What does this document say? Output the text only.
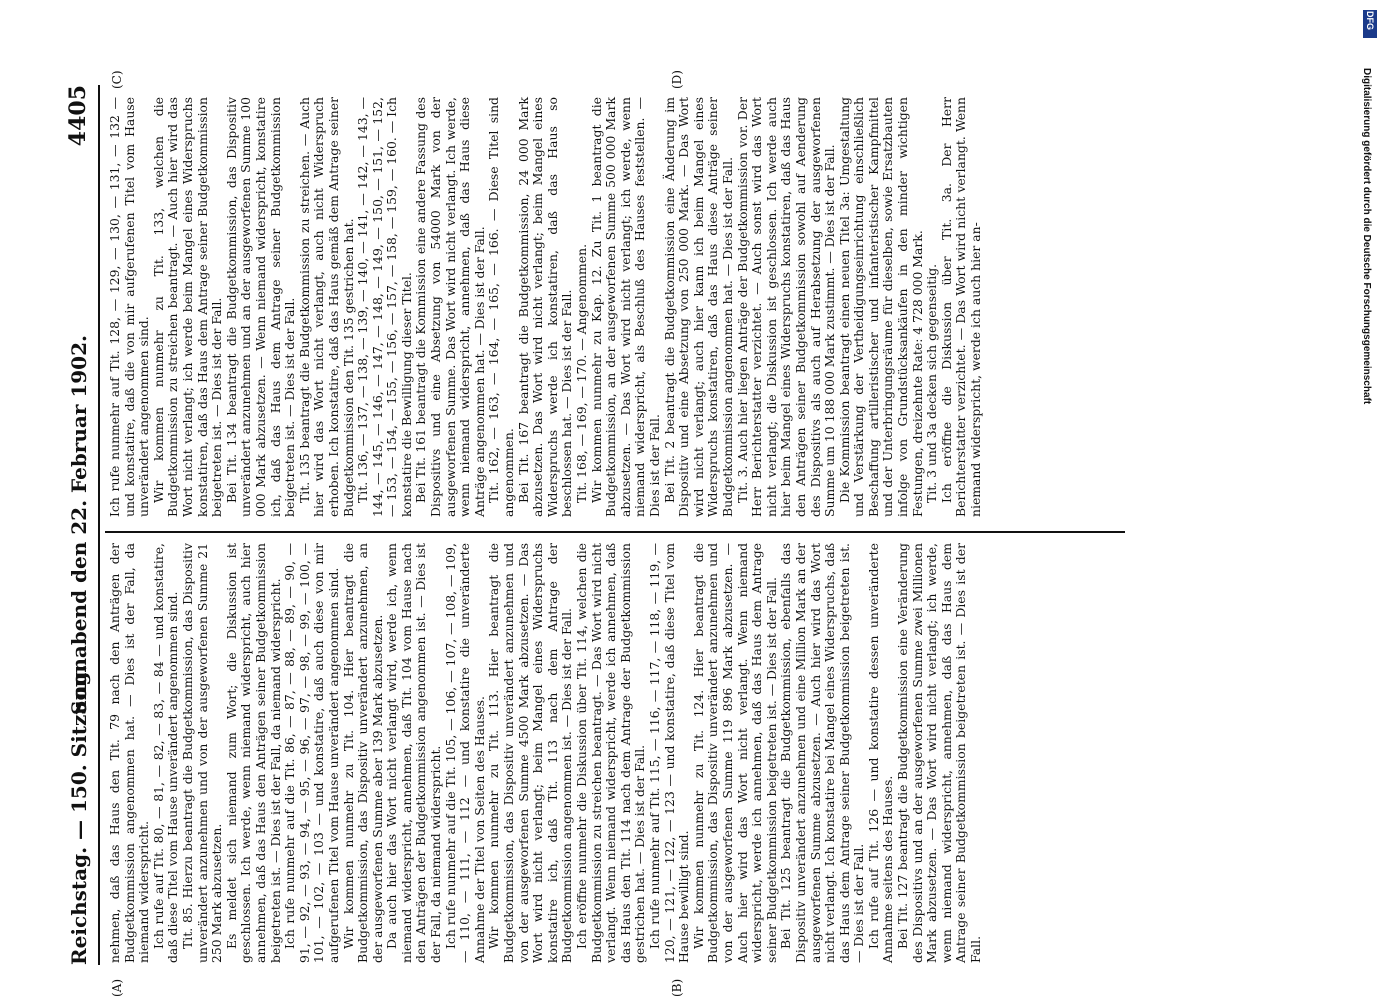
Reichstag. — 150. Sitzung.
Sonnabend den 22. Februar 1902.
4405
(A)	(B)
(C)	(D)

nehmen, daß das Haus den Tit. 79 nach den Anträgen der Budgetkommission angenommen hat. — Dies ist der Fall, da niemand widerspricht. Ich rufe auf Tit. 80, — 81, — 82, — 83, — 84 — und konstatire, daß diese Titel vom Hause unverändert angenommen sind. Tit. 85. Hierzu beantragt die Budgetkommission, das Dispositiv unverändert anzunehmen und von der ausgeworfenen Summe 21 250 Mark abzusetzen. Es meldet sich niemand zum Wort; die Diskussion ist geschlossen. Ich werde, wenn niemand widerspricht, auch hier annehmen, daß das Haus den Anträgen seiner Budgetkommission beigetreten ist. — Dies ist der Fall, da niemand widerspricht. Ich rufe nunmehr auf die Tit. 86, — 87, — 88, — 89, — 90, — 91, — 92, — 93, — 94, — 95, — 96, — 97, — 98, — 99, — 100, — 101, — 102, — 103 — und konstatire, daß auch diese von mir aufgerufenen Titel vom Hause unverändert angenommen sind. Wir kommen nunmehr zu Tit. 104. Hier beantragt die Budgetkommission, das Dispositiv unverändert anzunehmen, an der ausgeworfenen Summe aber 139 Mark abzusetzen. Da auch hier das Wort nicht verlangt wird, werde ich, wenn niemand widerspricht, annehmen, daß Tit. 104 vom Hause nach den Anträgen der Budgetkommission angenommen ist. — Dies ist der Fall, da niemand widerspricht. Ich rufe nunmehr auf die Tit. 105, — 106, — 107, — 108, — 109, — 110, — 111, — 112 — und konstatire die unveränderte Annahme der Titel von Seiten des Hauses. Wir kommen nunmehr zu Tit. 113. Hier beantragt die Budgetkommission, das Dispositiv unverändert anzunehmen und von der ausgeworfenen Summe 4500 Mark abzusetzen. — Das Wort wird nicht verlangt; beim Mangel eines Widerspruchs konstatire ich, daß Tit. 113 nach dem Antrage der Budgetkommission angenommen ist. — Dies ist der Fall. Ich eröffne nunmehr die Diskussion über Tit. 114, welchen die Budgetkommission zu streichen beantragt. — Das Wort wird nicht verlangt. Wenn niemand widerspricht, werde ich annehmen, daß das Haus den Tit. 114 nach dem Antrage der Budgetkommission gestrichen hat. — Dies ist der Fall. Ich rufe nunmehr auf Tit. 115, — 116, — 117, — 118, — 119, — 120, — 121, — 122, — 123 — und konstatire, daß diese Titel vom Hause bewilligt sind. Wir kommen nunmehr zu Tit. 124. Hier beantragt die Budgetkommission, das Dispositiv unverändert anzunehmen und von der ausgeworfenen Summe 119 896 Mark abzusetzen. — Auch hier wird das Wort nicht verlangt. Wenn niemand widerspricht, werde ich annehmen, daß das Haus dem Antrage seiner Budgetkommission beigetreten ist. — Dies ist der Fall. Bei Tit. 125 beantragt die Budgetkommission, ebenfalls das Dispositiv unverändert anzunehmen und eine Million Mark an der ausgeworfenen Summe abzusetzen. — Auch hier wird das Wort nicht verlangt. Ich konstatire bei Mangel eines Widerspruchs, daß das Haus dem Antrage seiner Budgetkommission beigetreten ist. — Dies ist der Fall. Ich rufe auf Tit. 126 — und konstatire dessen unveränderte Annahme seitens des Hauses. Bei Tit. 127 beantragt die Budgetkommission eine Veränderung des Dispositivs und an der ausgeworfenen Summe zwei Millionen Mark abzusetzen. — Das Wort wird nicht verlangt; ich werde, wenn niemand widerspricht, annehmen, daß das Haus dem Antrage seiner Budgetkommission beigetreten ist. — Dies ist der Fall.

Ich rufe nunmehr auf Tit. 128, — 129, — 130, — 131, — 132 — und konstatire, daß die von mir aufgerufenen Titel vom Hause unverändert angenommen sind. Wir kommen nunmehr zu Tit. 133, welchen die Budgetkommission zu streichen beantragt. — Auch hier wird das Wort nicht verlangt; ich werde beim Mangel eines Widerspruchs konstatiren, daß das Haus dem Antrage seiner Budgetkommission beigetreten ist. — Dies ist der Fall. Bei Tit. 134 beantragt die Budgetkommission, das Dispositiv unverändert anzunehmen und an der ausgeworfenen Summe 100 000 Mark abzusetzen. — Wenn niemand widerspricht, konstatire ich, daß das Haus dem Antrage seiner Budgetkommission beigetreten ist. — Dies ist der Fall. Tit. 135 beantragt die Budgetkommission zu streichen. — Auch hier wird das Wort nicht verlangt, auch nicht Widerspruch erhoben. Ich konstatire, daß das Haus gemäß dem Antrage seiner Budgetkommission den Tit. 135 gestrichen hat. Tit. 136, — 137, — 138, — 139, — 140, — 141, — 142, — 143, — 144, — 145, — 146, — 147, — 148, — 149, — 150, — 151, — 152, — 153, — 154, — 155, — 156, — 157, — 158, — 159, — 160. — Ich konstatire die Bewilligung dieser Titel. Bei Tit. 161 beantragt die Kommission eine andere Fassung des Dispositivs und eine Absetzung von 54000 Mark von der ausgeworfenen Summe. Das Wort wird nicht verlangt. Ich werde, wenn niemand widerspricht, annehmen, daß das Haus diese Anträge angenommen hat. — Dies ist der Fall. Tit. 162, — 163, — 164, — 165, — 166. — Diese Titel sind angenommen. Bei Tit. 167 beantragt die Budgetkommission, 24 000 Mark abzusetzen. Das Wort wird nicht verlangt; beim Mangel eines Widerspruchs werde ich konstatiren, daß das Haus so beschlossen hat. — Dies ist der Fall. Tit. 168, — 169, — 170. — Angenommen. Wir kommen nunmehr zu Kap. 12. Zu Tit. 1 beantragt die Budgetkommission, an der ausgeworfenen Summe 500 000 Mark abzusetzen. — Das Wort wird nicht verlangt; ich werde, wenn niemand widerspricht, als Beschluß des Hauses feststellen. — Dies ist der Fall. Bei Tit. 2 beantragt die Budgetkommission eine Änderung im Dispositiv und eine Absetzung von 250 000 Mark. — Das Wort wird nicht verlangt; auch hier kann ich beim Mangel eines Widerspruchs konstatiren, daß das Haus diese Anträge seiner Budgetkommission angenommen hat. — Dies ist der Fall. Tit. 3. Auch hier liegen Anträge der Budgetkommission vor. Der Herr Berichterstatter verzichtet. — Auch sonst wird das Wort nicht verlangt; die Diskussion ist geschlossen. Ich werde auch hier beim Mangel eines Widerspruchs konstatiren, daß das Haus den Anträgen seiner Budgetkommission sowohl auf Aenderung des Dispositivs als auch auf Herabsetzung der ausgeworfenen Summe um 10 188 000 Mark zustimmt. — Dies ist der Fall. Die Kommission beantragt einen neuen Titel 3a: Umgestaltung und Verstärkung der Vertheidigungseinrichtung einschließlich Beschaffung artilleristischer und infanteristischer Kampfmittel und der Unterbringungsräume für dieselben, sowie Ersatzbauten infolge von Grundstücksankäufen in den minder wichtigen Festungen, dreizehnte Rate: 4 728 000 Mark. Tit. 3 und 3a decken sich gegenseitig. Ich eröffne die Diskussion über Tit. 3a. Der Herr Berichterstatter verzichtet. — Das Wort wird nicht verlangt. Wenn niemand widerspricht, werde ich auch hier an-

DFG
Digitalisierung gefördert durch die Deutsche Forschungsgemeinschaft
